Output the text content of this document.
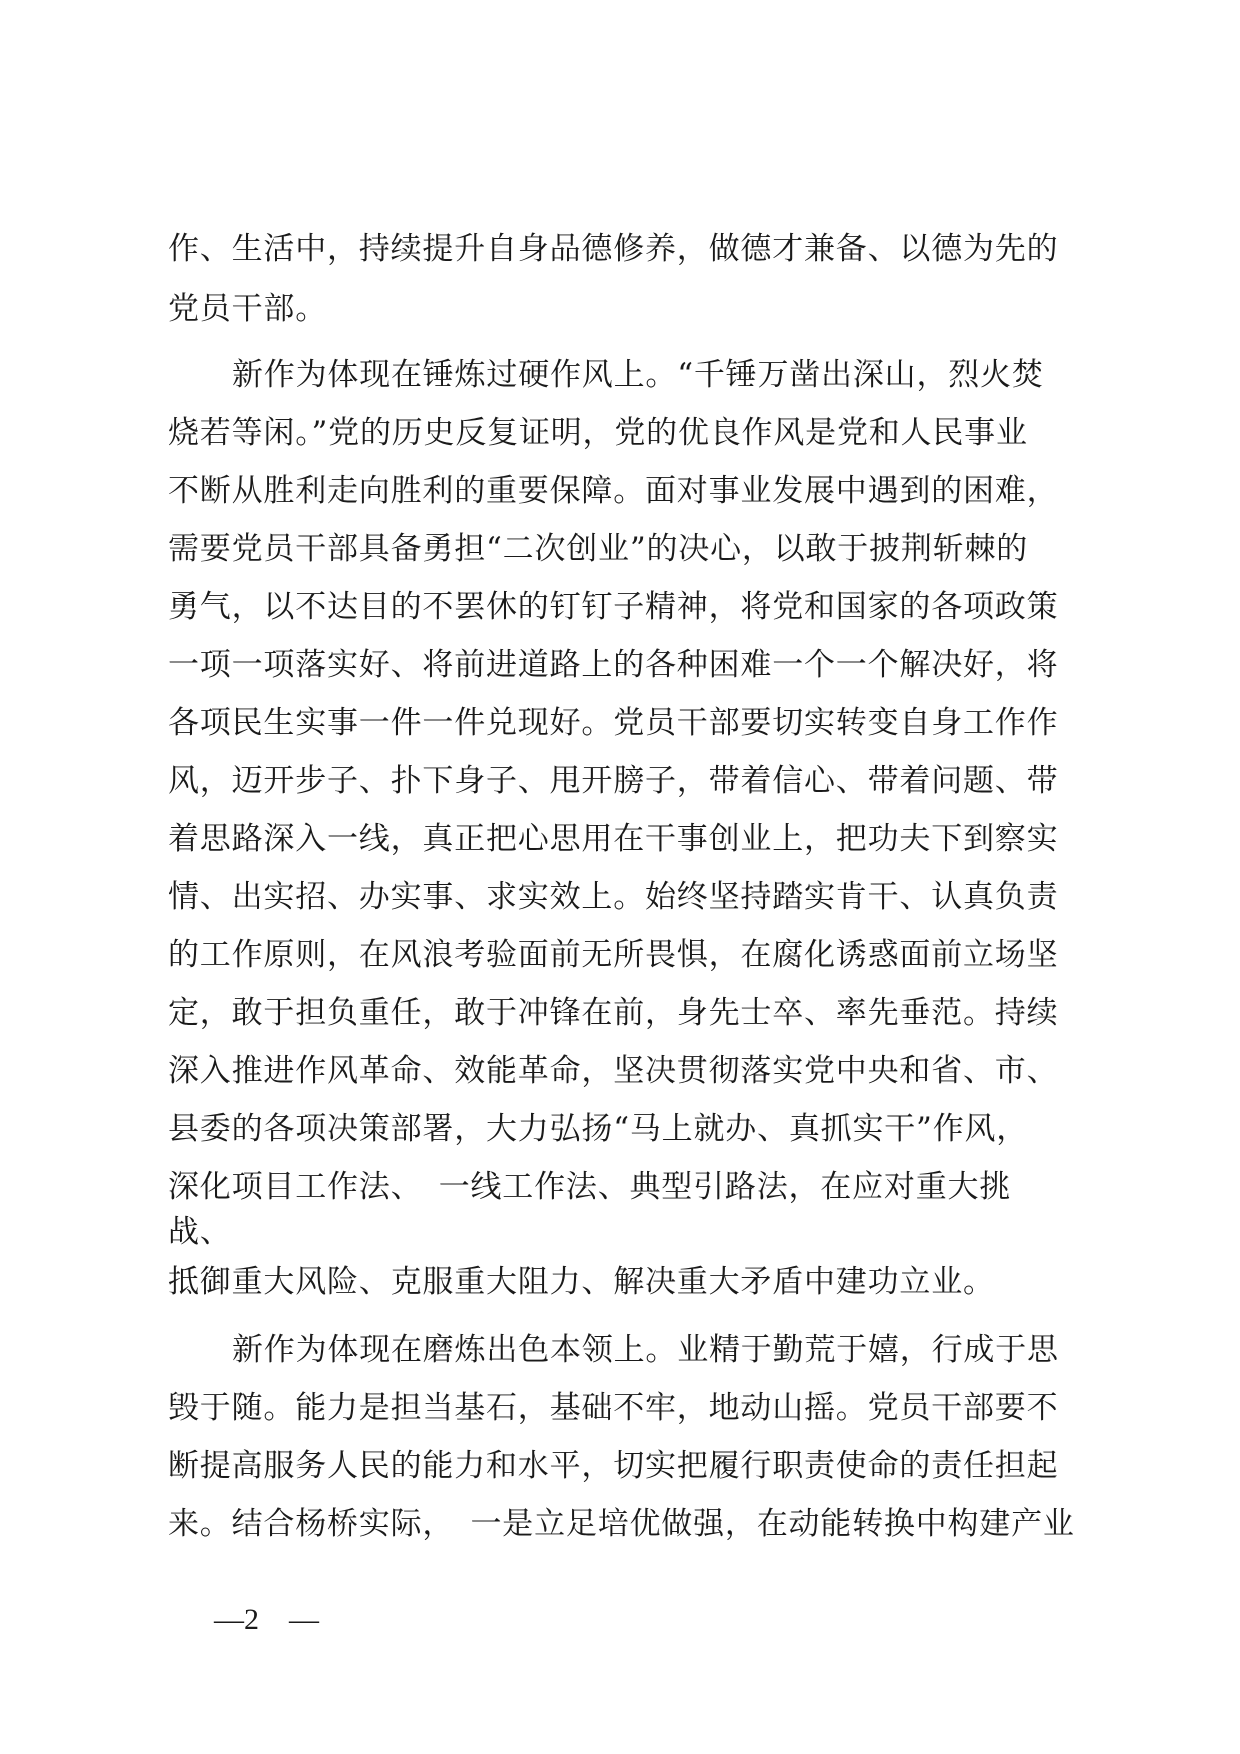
作、生活中，持续提升自身品德修养，做德才兼备、以德为先的
党员干部。
新作为体现在锤炼过硬作风上。“千锤万凿出深山，烈火焚
烧若等闲。”党的历史反复证明，党的优良作风是党和人民事业
不断从胜利走向胜利的重要保障。面对事业发展中遇到的困难，
需要党员干部具备勇担“二次创业”的决心，以敢于披荆斩棘的
勇气，以不达目的不罢休的钉钉子精神，将党和国家的各项政策
一项一项落实好、将前进道路上的各种困难一个一个解决好，将
各项民生实事一件一件兑现好。党员干部要切实转变自身工作作
风，迈开步子、扑下身子、甩开膀子，带着信心、带着问题、带
着思路深入一线，真正把心思用在干事创业上，把功夫下到察实
情、出实招、办实事、求实效上。始终坚持踏实肯干、认真负责
的工作原则，在风浪考验面前无所畏惧，在腐化诱惑面前立场坚
定，敢于担负重任，敢于冲锋在前，身先士卒、率先垂范。持续
深入推进作风革命、效能革命，坚决贯彻落实党中央和省、市、
县委的各项决策部署，大力弘扬“马上就办、真抓实干”作风，
深化项目工作法、　一线工作法、典型引路法，在应对重大挑
战、
抵御重大风险、克服重大阻力、解决重大矛盾中建功立业。
新作为体现在磨炼出色本领上。业精于勤荒于嬉，行成于思
毁于随。能力是担当基石，基础不牢，地动山摇。党员干部要不
断提高服务人民的能力和水平，切实把履行职责使命的责任担起
来。结合杨桥实际，　一是立足培优做强，在动能转换中构建产业
—2　—
